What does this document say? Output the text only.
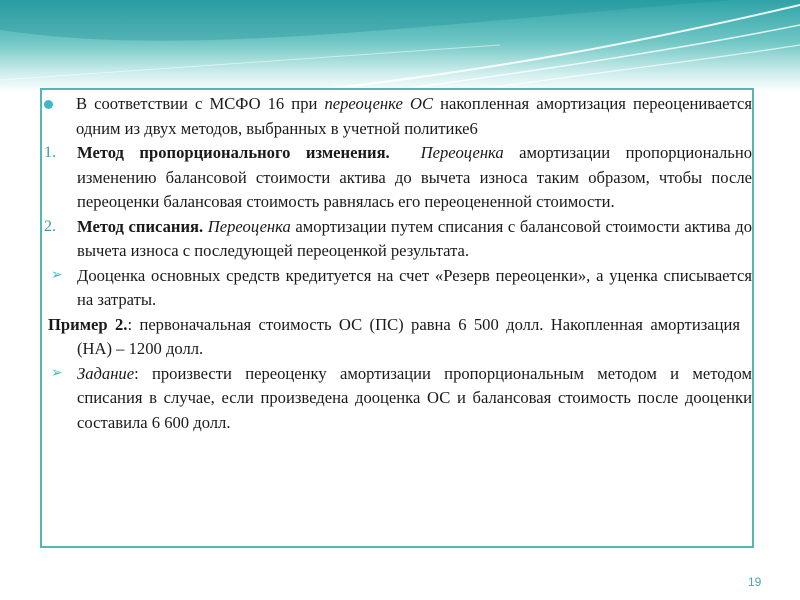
В соответствии с МСФО 16 при переоценке ОС накопленная амортизация переоценивается одним из двух методов, выбранных в учетной политике6
1. Метод пропорционального изменения. Переоценка амортизации пропорционально изменению балансовой стоимости актива до вычета износа таким образом, чтобы после переоценки балансовая стоимость равнялась его переоцененной стоимости.
2. Метод списания. Переоценка амортизации путем списания с балансовой стоимости актива до вычета износа с последующей переоценкой результата.
➢ Дооценка основных средств кредитуется на счет «Резерв переоценки», а уценка списывается на затраты.
Пример 2.: первоначальная стоимость ОС (ПС) равна 6 500 долл. Накопленная амортизация (НА) – 1200 долл.
➢ Задание: произвести переоценку амортизации пропорциональным методом и методом списания в случае, если произведена дооценка ОС и балансовая стоимость после дооценки составила 6 600 долл.
19
